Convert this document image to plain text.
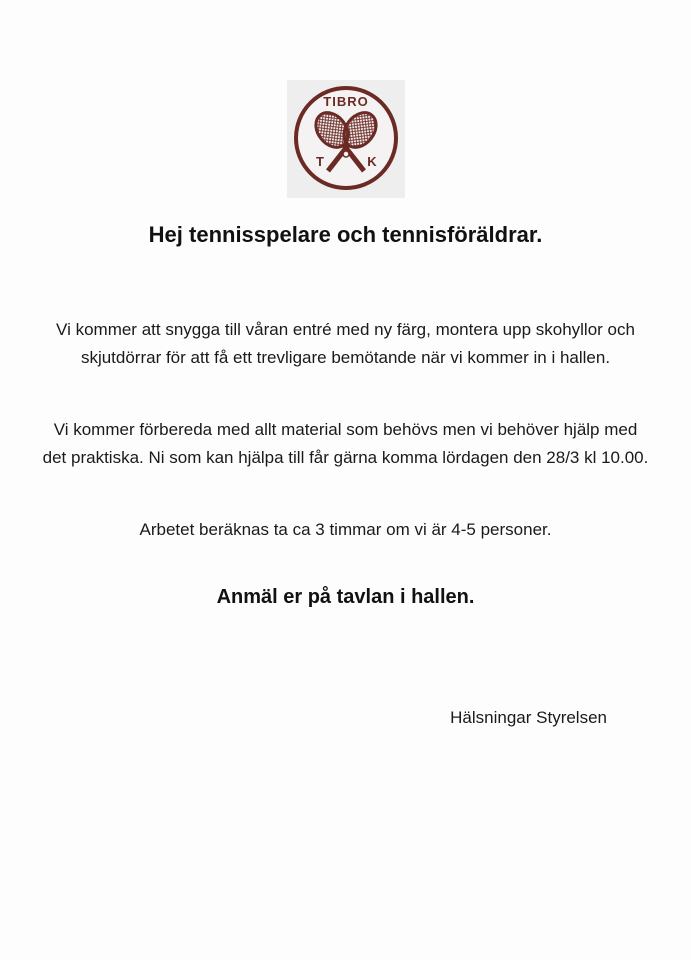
TIBRO
T	K
Hej tennisspelare och tennisföräldrar.

Vi kommer att snygga till våran entré med ny färg, montera upp skohyllor och skjutdörrar för att få ett trevligare bemötande när vi kommer in i hallen.

Vi kommer förbereda med allt material som behövs men vi behöver hjälp med det praktiska. Ni som kan hjälpa till får gärna komma lördagen den 28/3 kl 10.00.

Arbetet beräknas ta ca 3 timmar om vi är 4-5 personer.

Anmäl er på tavlan i hallen.

Hälsningar Styrelsen
